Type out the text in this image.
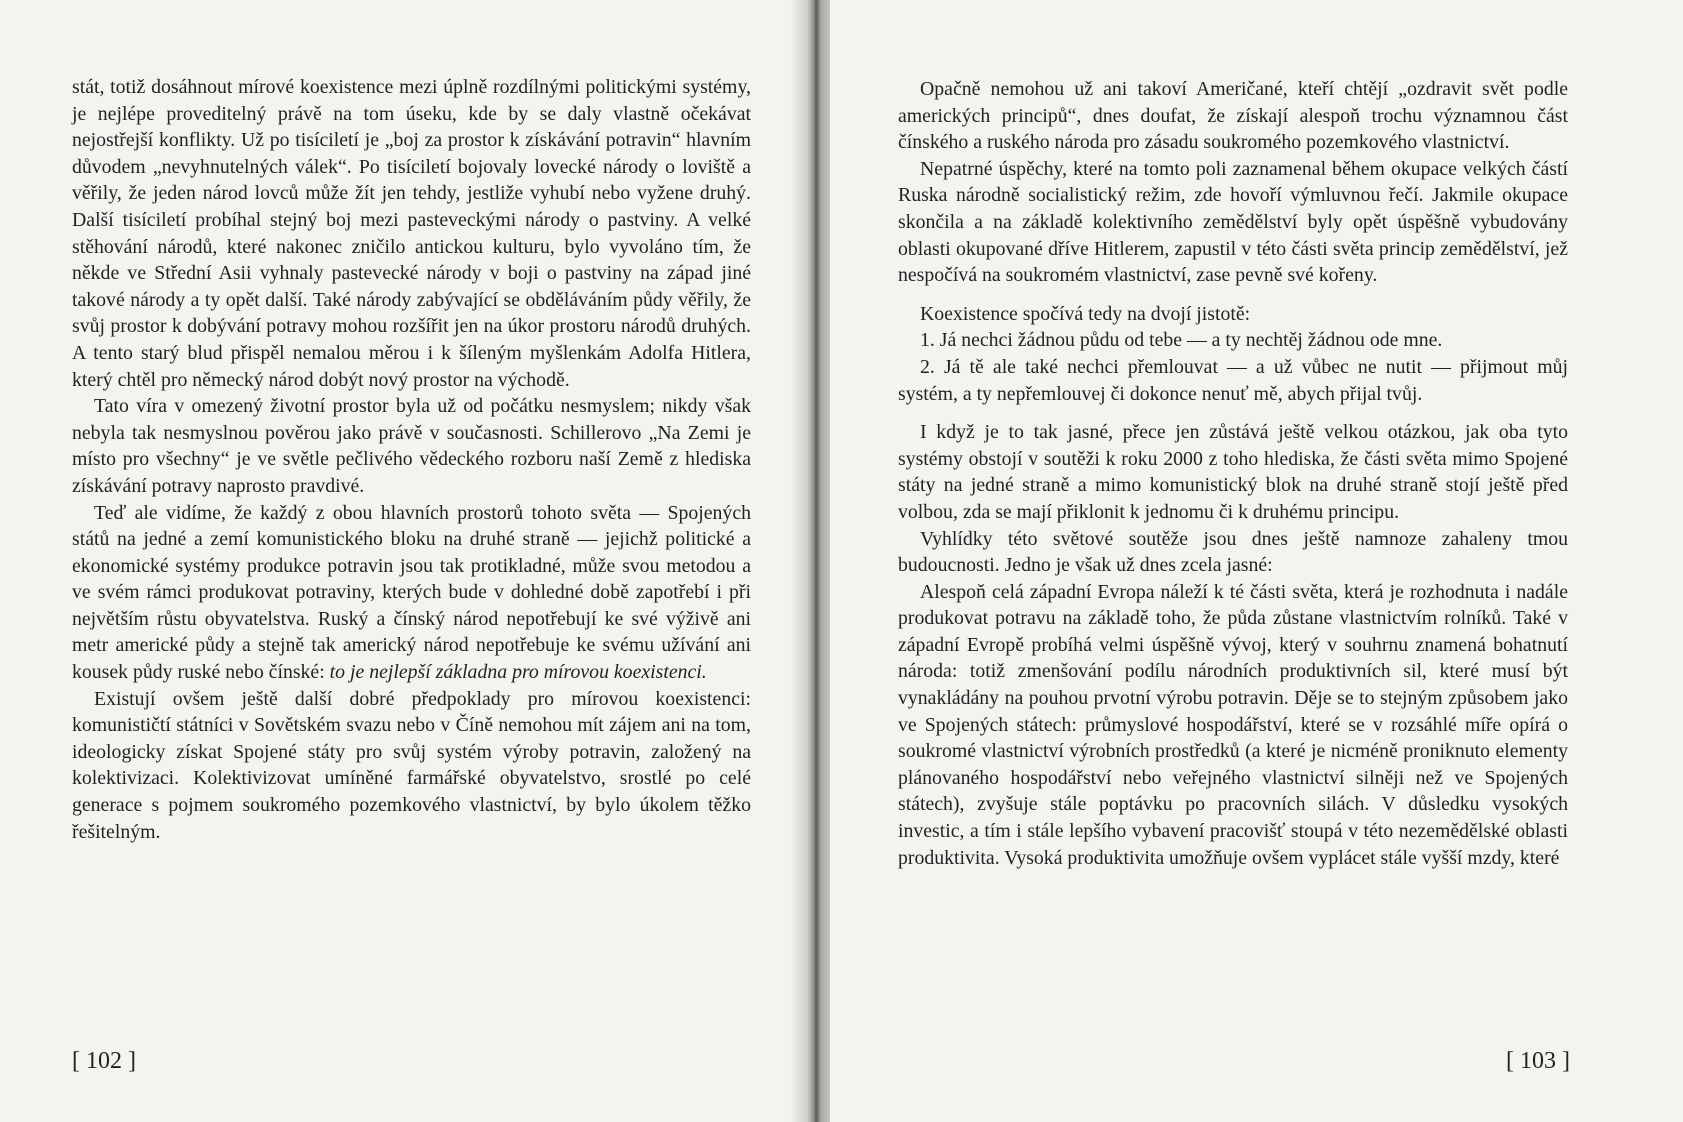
stát, totiž dosáhnout mírové koexistence mezi úplně rozdílnými politickými systémy, je nejlépe proveditelný právě na tom úseku, kde by se daly vlastně očekávat nejostřejší konflikty. Už po tisíciletí je „boj za prostor k získávání potravin“ hlavním důvodem „nevyhnutelných válek“. Po tisíciletí bojovaly lovecké národy o loviště a věřily, že jeden národ lovců může žít jen tehdy, jestliže vyhubí nebo vyžene druhý. Další tisíciletí probíhal stejný boj mezi pasteveckými národy o pastviny. A velké stěhování národů, které nakonec zničilo antickou kulturu, bylo vyvoláno tím, že někde ve Střední Asii vyhnaly pastevecké národy v boji o pastviny na západ jiné takové národy a ty opět další. Také národy zabývající se obděláváním půdy věřily, že svůj prostor k dobývání potravy mohou rozšířit jen na úkor prostoru národů druhých. A tento starý blud přispěl nemalou měrou i k šíleným myšlenkám Adolfa Hitlera, který chtěl pro německý národ dobýt nový prostor na východě.

Tato víra v omezený životní prostor byla už od počátku nesmyslem; nikdy však nebyla tak nesmyslnou pověrou jako právě v současnosti. Schillerovo „Na Zemi je místo pro všechny“ je ve světle pečlivého vědeckého rozboru naší Země z hlediska získávání potravy naprosto pravdivé.

Teď ale vidíme, že každý z obou hlavních prostorů tohoto světa — Spojených států na jedné a zemí komunistického bloku na druhé straně — jejichž politické a ekonomické systémy produkce potravin jsou tak protikladné, může svou metodou a ve svém rámci produkovat potraviny, kterých bude v dohledné době zapotřebí i při největším růstu obyvatelstva. Ruský a čínský národ nepotřebují ke své výživě ani metr americké půdy a stejně tak americký národ nepotřebuje ke svému užívání ani kousek půdy ruské nebo čínské: to je nejlepší základna pro mírovou koexistenci.

Existují ovšem ještě další dobré předpoklady pro mírovou koexistenci: komunističtí státníci v Sovětském svazu nebo v Číně nemohou mít zájem ani na tom, ideologicky získat Spojené státy pro svůj systém výroby potravin, založený na kolektivizaci. Kolektivizovat umíněné farmářské obyvatelstvo, srostlé po celé generace s pojmem soukromého pozemkového vlastnictví, by bylo úkolem těžko řešitelným.

[ 102 ]

Opačně nemohou už ani takoví Američané, kteří chtějí „ozdravit svět podle amerických principů“, dnes doufat, že získají alespoň trochu významnou část čínského a ruského národa pro zásadu soukromého pozemkového vlastnictví.

Nepatrné úspěchy, které na tomto poli zaznamenal během okupace velkých částí Ruska národně socialistický režim, zde hovoří výmluvnou řečí. Jakmile okupace skončila a na základě kolektivního zemědělství byly opět úspěšně vybudovány oblasti okupované dříve Hitlerem, zapustil v této části světa princip zemědělství, jež nespočívá na soukromém vlastnictví, zase pevně své kořeny.

Koexistence spočívá tedy na dvojí jistotě:

1. Já nechci žádnou půdu od tebe — a ty nechtěj žádnou ode mne.

2. Já tě ale také nechci přemlouvat — a už vůbec ne nutit — přijmout můj systém, a ty nepřemlouvej či dokonce nenuť mě, abych přijal tvůj.

I když je to tak jasné, přece jen zůstává ještě velkou otázkou, jak oba tyto systémy obstojí v soutěži k roku 2000 z toho hlediska, že části světa mimo Spojené státy na jedné straně a mimo komunistický blok na druhé straně stojí ještě před volbou, zda se mají přiklonit k jednomu či k druhému principu.

Vyhlídky této světové soutěže jsou dnes ještě namnoze zahaleny tmou budoucnosti. Jedno je však už dnes zcela jasné:

Alespoň celá západní Evropa náleží k té části světa, která je rozhodnuta i nadále produkovat potravu na základě toho, že půda zůstane vlastnictvím rolníků. Také v západní Evropě probíhá velmi úspěšně vývoj, který v souhrnu znamená bohatnutí národa: totiž zmenšování podílu národních produktivních sil, které musí být vynakládány na pouhou prvotní výrobu potravin. Děje se to stejným způsobem jako ve Spojených státech: průmyslové hospodářství, které se v rozsáhlé míře opírá o soukromé vlastnictví výrobních prostředků (a které je nicméně proniknuto elementy plánovaného hospodářství nebo veřejného vlastnictví silněji než ve Spojených státech), zvyšuje stále poptávku po pracovních silách. V důsledku vysokých investic, a tím i stále lepšího vybavení pracovišť stoupá v této nezemědělské oblasti produktivita. Vysoká produktivita umožňuje ovšem vyplácet stále vyšší mzdy, které

[ 103 ]
